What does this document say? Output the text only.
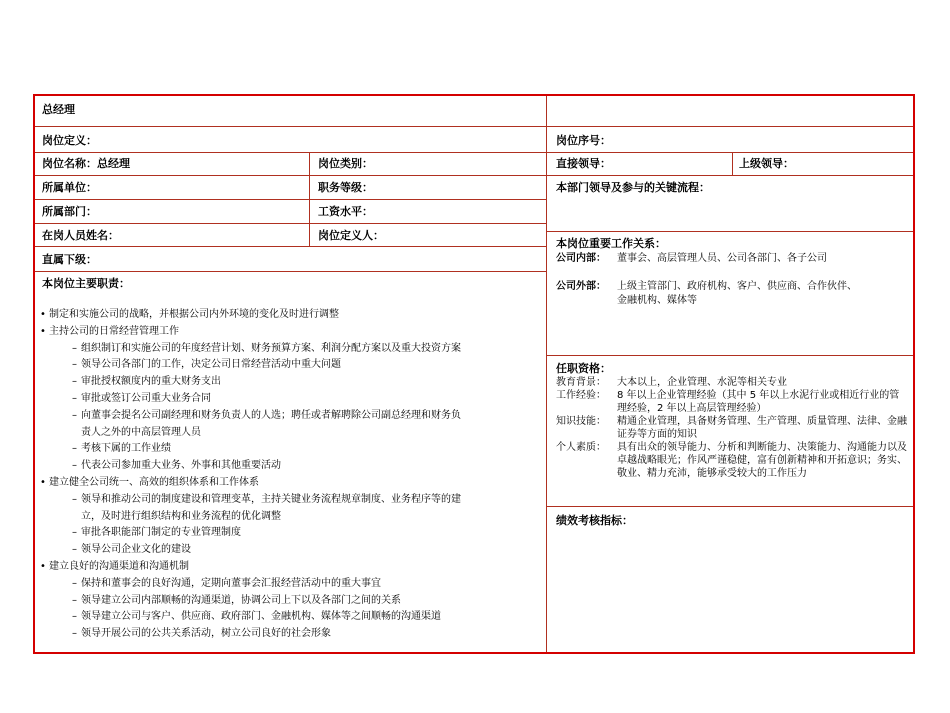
总经理
岗位定义：
岗位名称：总经理	岗位类别：
所属单位：	职务等级：
所属部门：	工资水平：
在岗人员姓名：	岗位定义人：
直属下级：
本岗位主要职责：
• 制定和实施公司的战略，并根据公司内外环境的变化及时进行调整
• 主持公司的日常经营管理工作
– 组织制订和实施公司的年度经营计划、财务预算方案、利润分配方案以及重大投资方案
– 领导公司各部门的工作，决定公司日常经营活动中重大问题
– 审批授权额度内的重大财务支出
– 审批或签订公司重大业务合同
– 向董事会提名公司副经理和财务负责人的人选；聘任或者解聘除公司副总经理和财务负
责人之外的中高层管理人员
– 考核下属的工作业绩
– 代表公司参加重大业务、外事和其他重要活动
• 建立健全公司统一、高效的组织体系和工作体系
– 领导和推动公司的制度建设和管理变革，主持关键业务流程规章制度、业务程序等的建
立，及时进行组织结构和业务流程的优化调整
– 审批各职能部门制定的专业管理制度
– 领导公司企业文化的建设
• 建立良好的沟通渠道和沟通机制
– 保持和董事会的良好沟通，定期向董事会汇报经营活动中的重大事宜
– 领导建立公司内部顺畅的沟通渠道，协调公司上下以及各部门之间的关系
– 领导建立公司与客户、供应商、政府部门、金融机构、媒体等之间顺畅的沟通渠道
– 领导开展公司的公共关系活动，树立公司良好的社会形象
岗位序号：
直接领导：	上级领导：
本部门领导及参与的关键流程：
本岗位重要工作关系：
公司内部： 董事会、高层管理人员、公司各部门、各子公司
公司外部： 上级主管部门、政府机构、客户、供应商、合作伙伴、
金融机构、媒体等
任职资格：
教育背景： 大本以上，企业管理、水泥等相关专业
工作经验： 8 年以上企业管理经验（其中 5 年以上水泥行业或相近行业的管理经验，2 年以上高层管理经验）
知识技能： 精通企业管理，具备财务管理、生产管理、质量管理、法律、金融证券等方面的知识
个人素质： 具有出众的领导能力、分析和判断能力、决策能力、沟通能力以及卓越战略眼光；作风严谨稳健，富有创新精神和开拓意识；务实、敬业、精力充沛，能够承受较大的工作压力
绩效考核指标：
